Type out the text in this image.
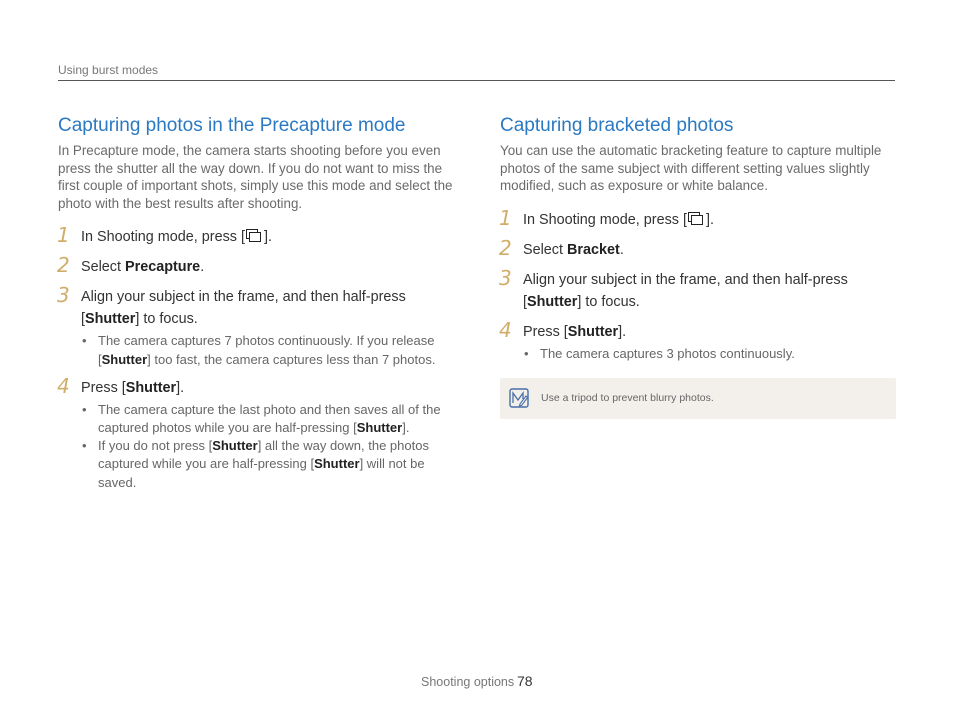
Using burst modes
Capturing photos in the Precapture mode

In Precapture mode, the camera starts shooting before you even press the shutter all the way down. If you do not want to miss the first couple of important shots, simply use this mode and select the photo with the best results after shooting.

1 In Shooting mode, press [ ].
2 Select Precapture.
3 Align your subject in the frame, and then half-press [Shutter] to focus.
• The camera captures 7 photos continuously. If you release [Shutter] too fast, the camera captures less than 7 photos.
4 Press [Shutter].
• The camera capture the last photo and then saves all of the captured photos while you are half-pressing [Shutter].
• If you do not press [Shutter] all the way down, the photos captured while you are half-pressing [Shutter] will not be saved.
Capturing bracketed photos

You can use the automatic bracketing feature to capture multiple photos of the same subject with different setting values slightly modified, such as exposure or white balance.

1 In Shooting mode, press [ ].
2 Select Bracket.
3 Align your subject in the frame, and then half-press [Shutter] to focus.
4 Press [Shutter].
• The camera captures 3 photos continuously.
Use a tripod to prevent blurry photos.
Shooting options 78
